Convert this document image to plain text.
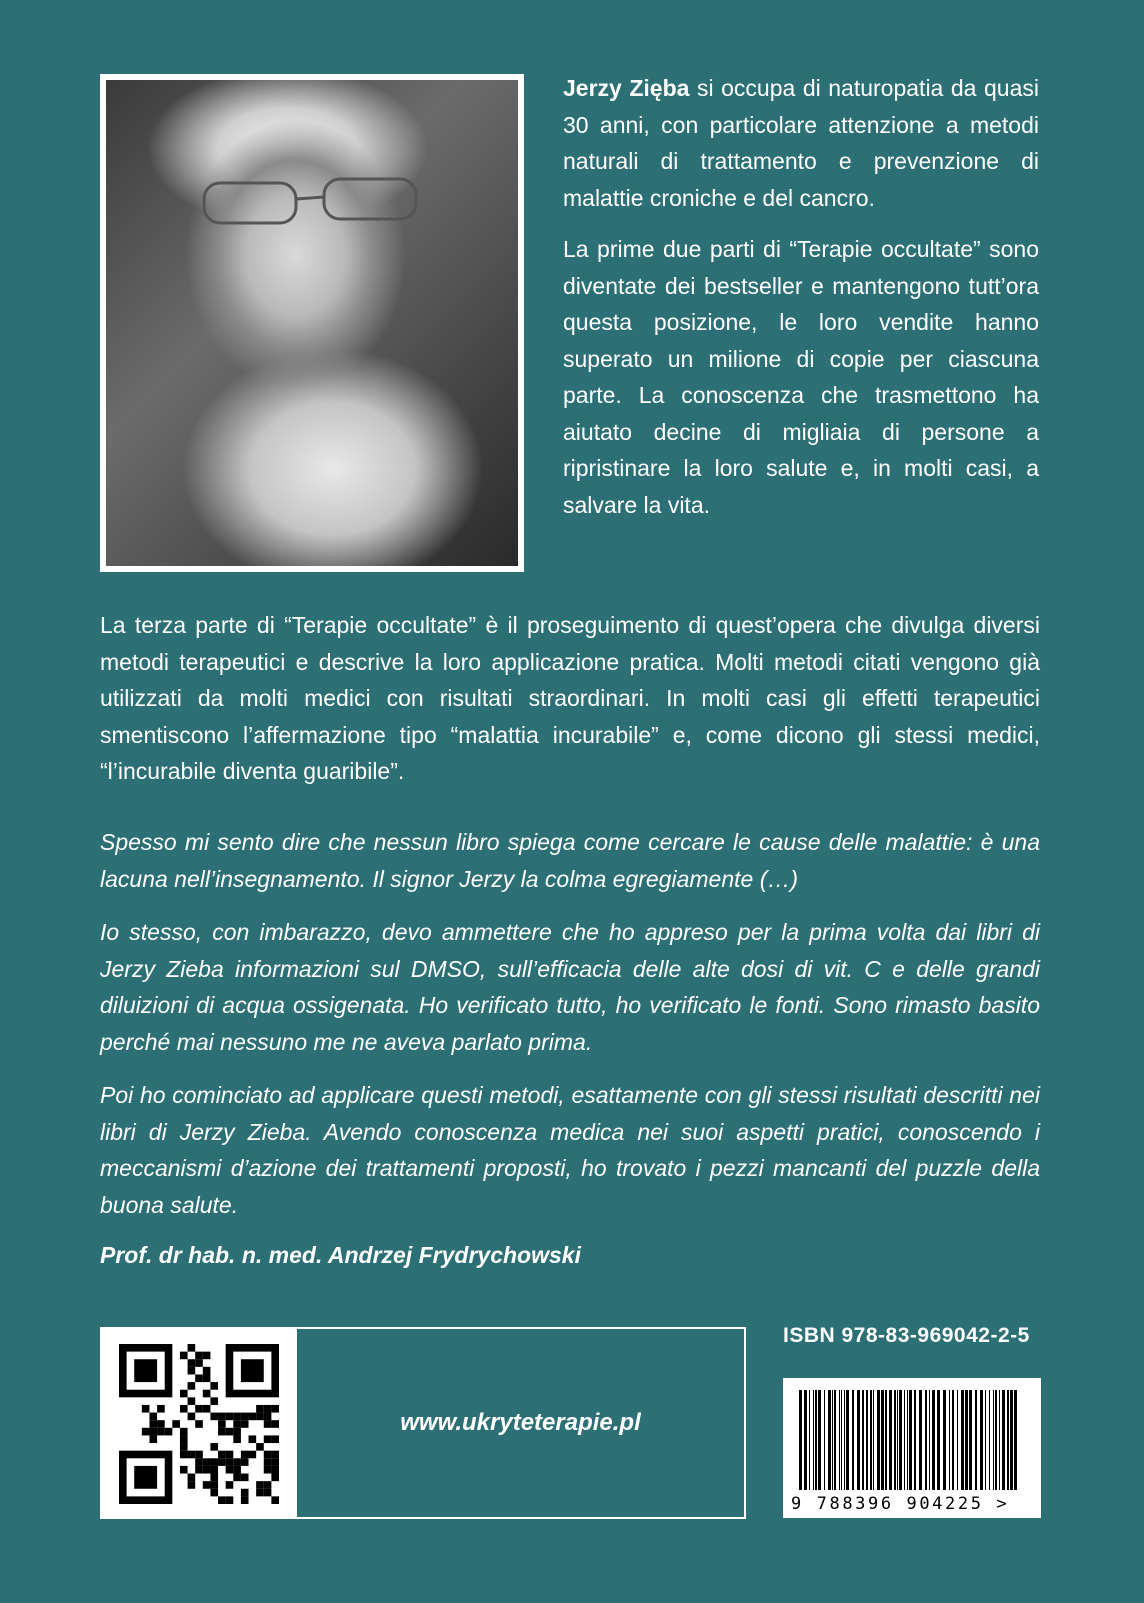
Jerzy Zięba si occupa di naturopatia da quasi 30 anni, con particolare attenzione a metodi naturali di trattamento e prevenzione di malattie croniche e del cancro.

La prime due parti di “Terapie occultate” sono diventate dei bestseller e mantengono tutt’ora questa posizione, le loro vendite hanno superato un milione di copie per ciascuna parte. La conoscenza che trasmettono ha aiutato decine di migliaia di persone a ripristinare la loro salute e, in molti casi, a salvare la vita.

La terza parte di “Terapie occultate” è il proseguimento di quest’opera che divulga diversi metodi terapeutici e descrive la loro applicazione pratica. Molti metodi citati vengono già utilizzati da molti medici con risultati straordinari. In molti casi gli effetti terapeutici smentiscono l’affermazione tipo “malattia incurabile” e, come dicono gli stessi medici, “l’incurabile diventa guaribile”.

Spesso mi sento dire che nessun libro spiega come cercare le cause delle malattie: è una lacuna nell’insegnamento. Il signor Jerzy la colma egregiamente (…)

Io stesso, con imbarazzo, devo ammettere che ho appreso per la prima volta dai libri di Jerzy Zieba informazioni sul DMSO, sull’efficacia delle alte dosi di vit. C e delle grandi diluizioni di acqua ossigenata. Ho verificato tutto, ho verificato le fonti. Sono rimasto basito perché mai nessuno me ne aveva parlato prima.

Poi ho cominciato ad applicare questi metodi, esattamente con gli stessi risultati descritti nei libri di Jerzy Zieba. Avendo conoscenza medica nei suoi aspetti pratici, conoscendo i meccanismi d’azione dei trattamenti proposti, ho trovato i pezzi mancanti del puzzle della buona salute.

Prof. dr hab. n. med. Andrzej Frydrychowski
www.ukryteterapie.pl
ISBN 978-83-969042-2-5
9 788396 904225 >
